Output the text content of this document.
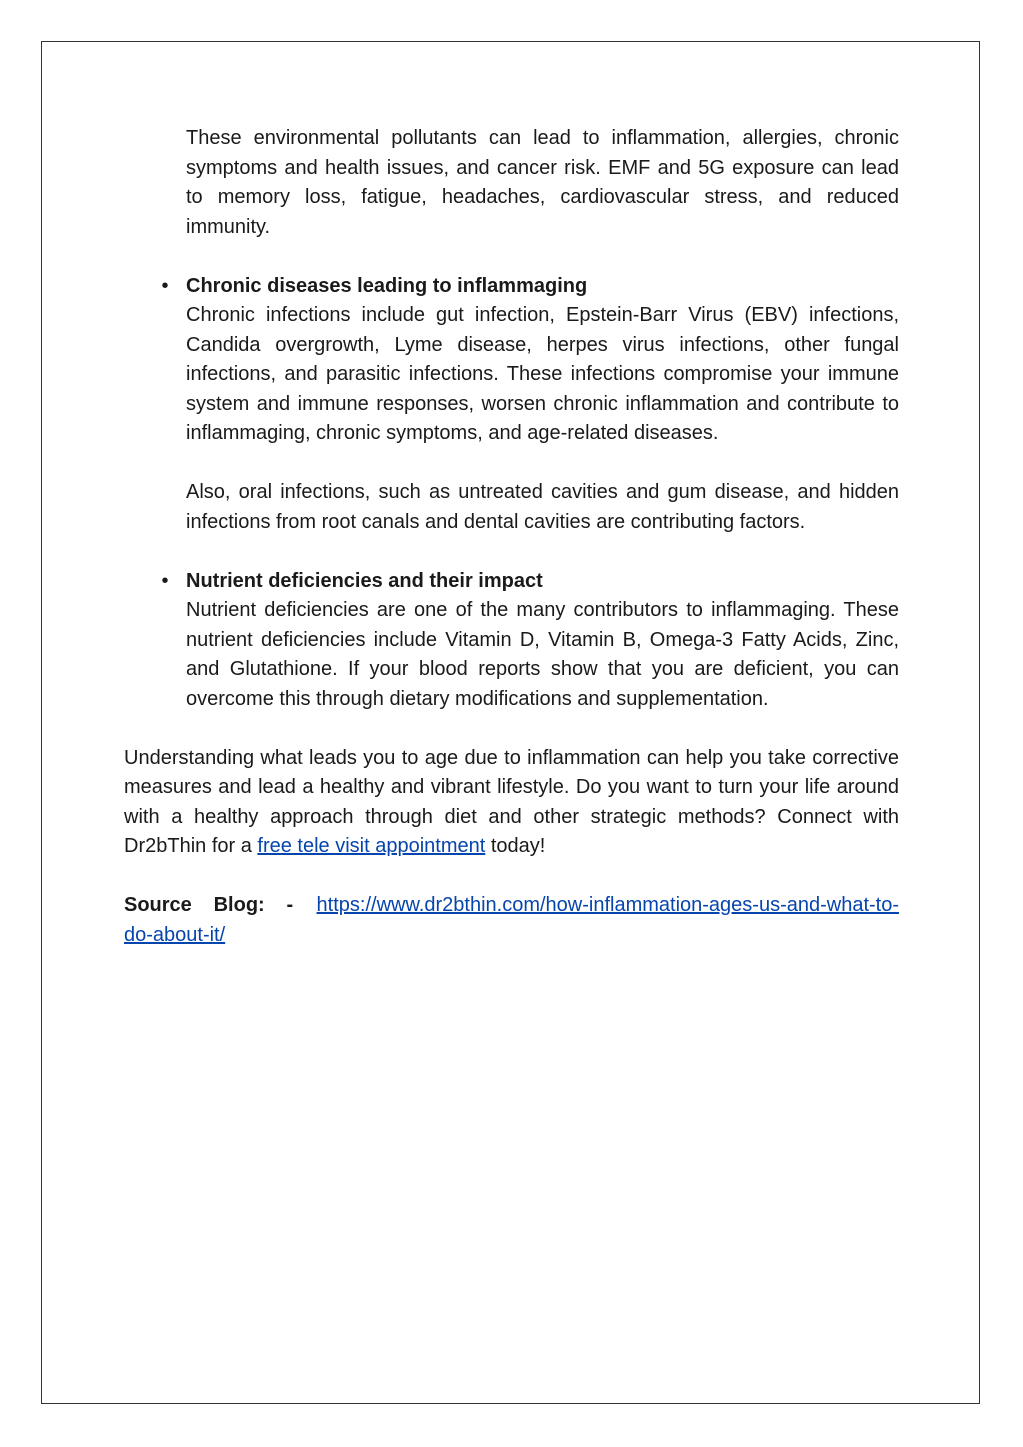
These environmental pollutants can lead to inflammation, allergies, chronic symptoms and health issues, and cancer risk. EMF and 5G exposure can lead to memory loss, fatigue, headaches, cardiovascular stress, and reduced immunity.

• Chronic diseases leading to inflammaging

Chronic infections include gut infection, Epstein-Barr Virus (EBV) infections, Candida overgrowth, Lyme disease, herpes virus infections, other fungal infections, and parasitic infections. These infections compromise your immune system and immune responses, worsen chronic inflammation and contribute to inflammaging, chronic symptoms, and age-related diseases.

Also, oral infections, such as untreated cavities and gum disease, and hidden infections from root canals and dental cavities are contributing factors.

• Nutrient deficiencies and their impact

Nutrient deficiencies are one of the many contributors to inflammaging. These nutrient deficiencies include Vitamin D, Vitamin B, Omega-3 Fatty Acids, Zinc, and Glutathione. If your blood reports show that you are deficient, you can overcome this through dietary modifications and supplementation.

Understanding what leads you to age due to inflammation can help you take corrective measures and lead a healthy and vibrant lifestyle. Do you want to turn your life around with a healthy approach through diet and other strategic methods? Connect with Dr2bThin for a free tele visit appointment today!

Source Blog: - https://www.dr2bthin.com/how-inflammation-ages-us-and-what-to-do-about-it/
